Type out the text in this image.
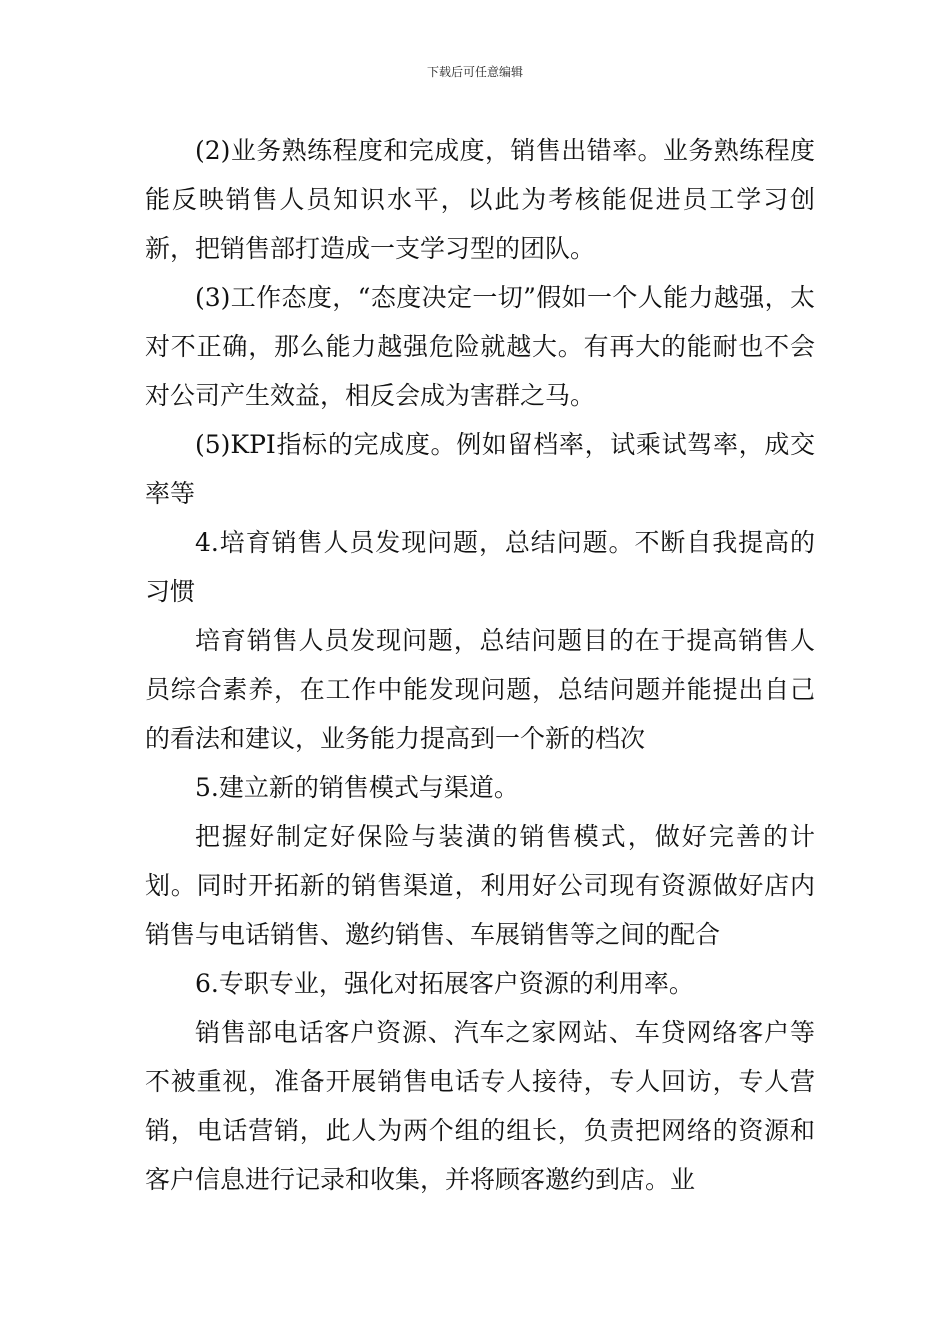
下载后可任意编辑

(2)业务熟练程度和完成度，销售出错率。业务熟练程度能反映销售人员知识水平，以此为考核能促进员工学习创新，把销售部打造成一支学习型的团队。

(3)工作态度，“态度决定一切”假如一个人能力越强，太对不正确，那么能力越强危险就越大。有再大的能耐也不会对公司产生效益，相反会成为害群之马。

(5)KPI指标的完成度。例如留档率，试乘试驾率，成交率等

4.培育销售人员发现问题，总结问题。不断自我提高的习惯

培育销售人员发现问题，总结问题目的在于提高销售人员综合素养，在工作中能发现问题，总结问题并能提出自己的看法和建议，业务能力提高到一个新的档次

5.建立新的销售模式与渠道。

把握好制定好保险与装潢的销售模式，做好完善的计划。同时开拓新的销售渠道，利用好公司现有资源做好店内销售与电话销售、邀约销售、车展销售等之间的配合

6.专职专业，强化对拓展客户资源的利用率。

销售部电话客户资源、汽车之家网站、车贷网络客户等不被重视，准备开展销售电话专人接待，专人回访，专人营销，电话营销，此人为两个组的组长，负责把网络的资源和客户信息进行记录和收集，并将顾客邀约到店。业
